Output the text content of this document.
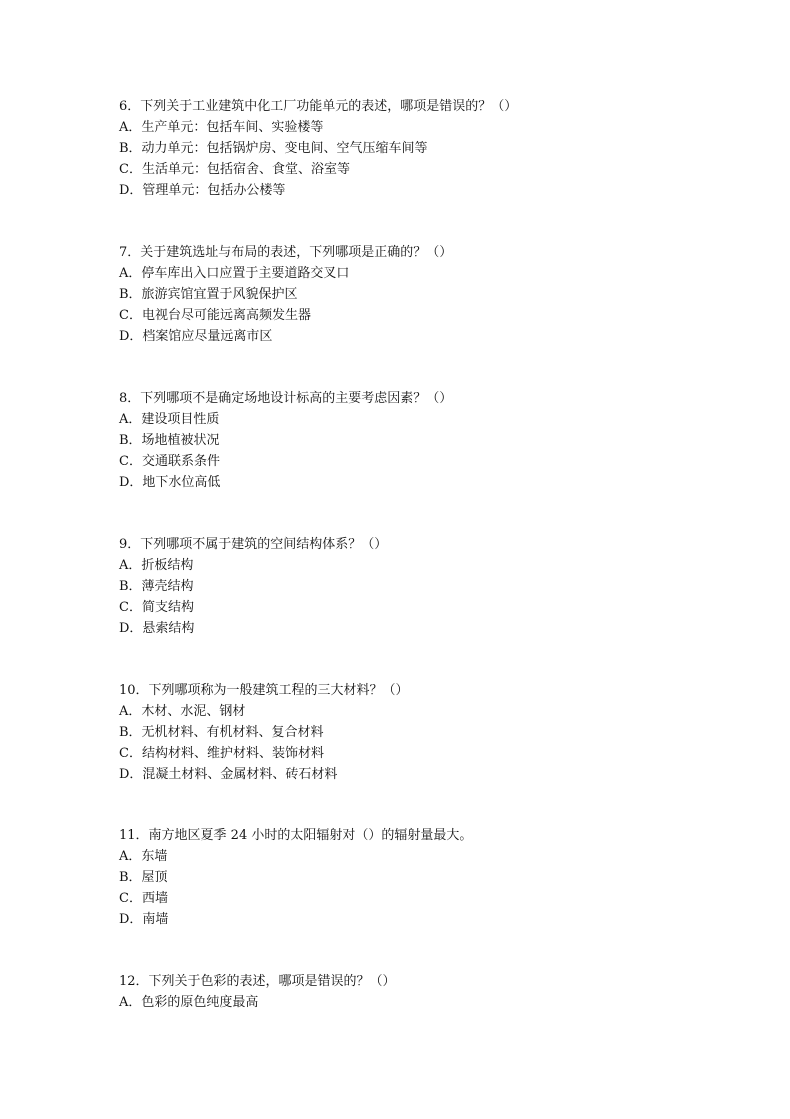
6．下列关于工业建筑中化工厂功能单元的表述，哪项是错误的？（）
A．生产单元：包括车间、实验楼等
B．动力单元：包括锅炉房、变电间、空气压缩车间等
C．生活单元：包括宿舍、食堂、浴室等
D．管理单元：包括办公楼等
7．关于建筑选址与布局的表述，下列哪项是正确的？（）
A．停车库出入口应置于主要道路交叉口
B．旅游宾馆宜置于风貌保护区
C．电视台尽可能远离高频发生器
D．档案馆应尽量远离市区
8．下列哪项不是确定场地设计标高的主要考虑因素？（）
A．建设项目性质
B．场地植被状况
C．交通联系条件
D．地下水位高低
9．下列哪项不属于建筑的空间结构体系？（）
A．折板结构
B．薄壳结构
C．简支结构
D．悬索结构
10．下列哪项称为一般建筑工程的三大材料？（）
A．木材、水泥、钢材
B．无机材料、有机材料、复合材料
C．结构材料、维护材料、装饰材料
D．混凝土材料、金属材料、砖石材料
11．南方地区夏季 24 小时的太阳辐射对（）的辐射量最大。
A．东墙
B．屋顶
C．西墙
D．南墙
12．下列关于色彩的表述，哪项是错误的？（）
A．色彩的原色纯度最高
